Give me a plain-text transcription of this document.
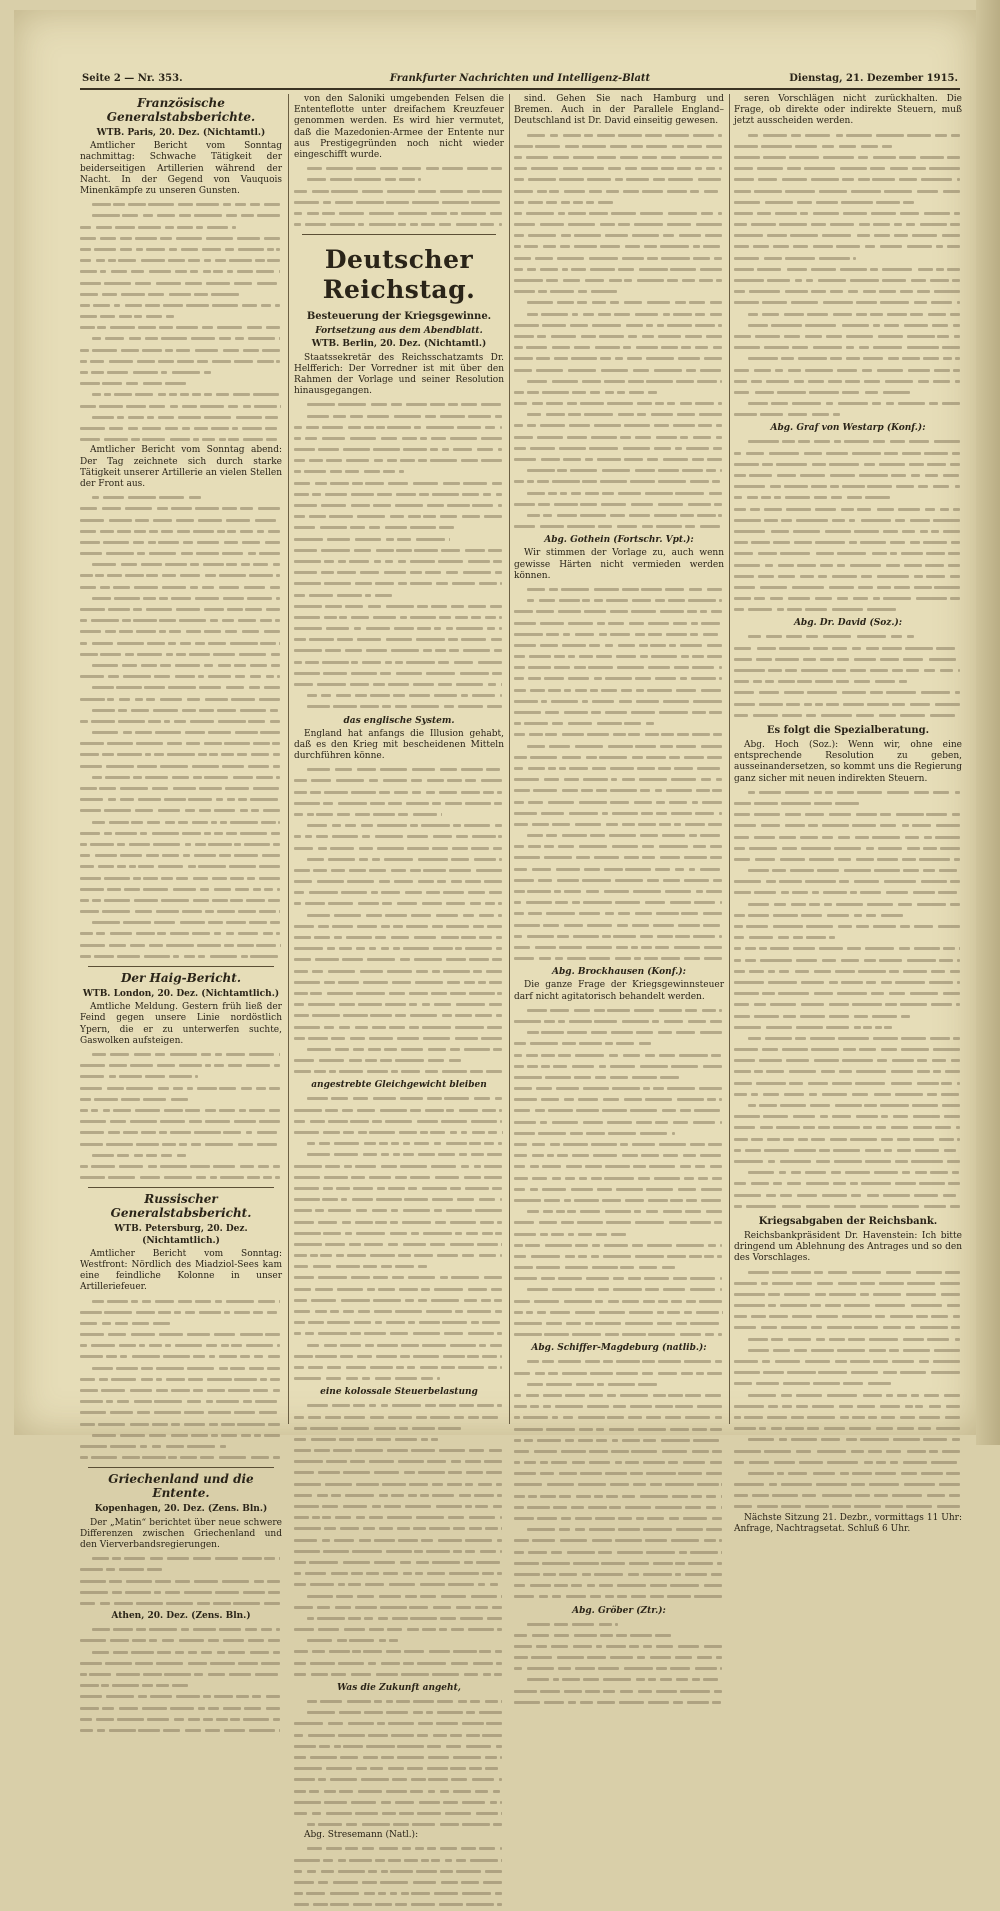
Seite 2 — Nr. 353.	Frankfurter Nachrichten und Intelligenz-Blatt	Dienstag, 21. Dezember 1915.
Französische Generalstabsberichte.
WTB. Paris, 20. Dez. (Nichtamtl.)

Amtlicher Bericht vom Sonntag nachmittag: Schwache Tätigkeit der beiderseitigen Artillerien während der Nacht. In der Gegend von Vauquois Minenkämpfe zu unseren Gunsten.

Amtlicher Bericht vom Sonntag abend: Der Tag zeichnete sich durch starke Tätigkeit unserer Artillerie an vielen Stellen der Front aus.

Der Haig-Bericht.
WTB. London, 20. Dez. (Nichtamtlich.)

Amtliche Meldung. Gestern früh ließ der Feind gegen unsere Linie nordöstlich Ypern, die er zu unterwerfen suchte, Gaswolken aufsteigen.

Russischer Generalstabsbericht.
WTB. Petersburg, 20. Dez. (Nichtamtlich.)

Amtlicher Bericht vom Sonntag: Westfront: Nördlich des Miadziol-Sees kam eine feindliche Kolonne in unser Artilleriefeuer.

Griechenland und die Entente.
Kopenhagen, 20. Dez. (Zens. Bln.)

Der „Matin“ berichtet über neue schwere Differenzen zwischen Griechenland und den Vierverbandsregierungen.

Athen, 20. Dez. (Zens. Bln.)

von den Saloniki umgebenden Felsen die Ententeflotte unter dreifachem Kreuzfeuer genommen werden. Es wird hier vermutet, daß die Mazedonien-Armee der Entente nur aus Prestigegründen noch nicht wieder eingeschifft wurde.

Deutscher Reichstag.
Besteuerung der Kriegsgewinne.
Fortsetzung aus dem Abendblatt.
WTB. Berlin, 20. Dez. (Nichtamtl.)

Staatssekretär des Reichsschatzamts Dr. Helfferich: Der Vorredner ist mit über den Rahmen der Vorlage und seiner Resolution hinausgegangen.

das englische System.

England hat anfangs die Illusion gehabt, daß es den Krieg mit bescheidenen Mitteln durchführen könne.

angestrebte Gleichgewicht bleiben
eine kolossale Steuerbelastung
Was die Zukunft angeht,

Abg. Stresemann (Natl.):

sind. Gehen Sie nach Hamburg und Bremen. Auch in der Parallele England–Deutschland ist Dr. David einseitig gewesen.

Abg. Gothein (Fortschr. Vpt.):

Wir stimmen der Vorlage zu, auch wenn gewisse Härten nicht vermieden werden können.

Abg. Brockhausen (Konf.):

Die ganze Frage der Kriegsgewinnsteuer darf nicht agitatorisch behandelt werden.

Abg. Schiffer-Magdeburg (natlib.):
Abg. Gröber (Ztr.):

seren Vorschlägen nicht zurückhalten. Die Frage, ob direkte oder indirekte Steuern, muß jetzt ausscheiden werden.

Abg. Graf von Westarp (Konf.):
Abg. Dr. David (Soz.):
Es folgt die Spezialberatung.

Abg. Hoch (Soz.): Wenn wir, ohne eine entsprechende Resolution zu geben, ausseinandersetzen, so kommt uns die Regierung ganz sicher mit neuen indirekten Steuern.

Kriegsabgaben der Reichsbank.

Reichsbankpräsident Dr. Havenstein: Ich bitte dringend um Ablehnung des Antrages und so den des Vorschlages.

Nächste Sitzung 21. Dezbr., vormittags 11 Uhr: Anfrage, Nachtragsetat. Schluß 6 Uhr.
